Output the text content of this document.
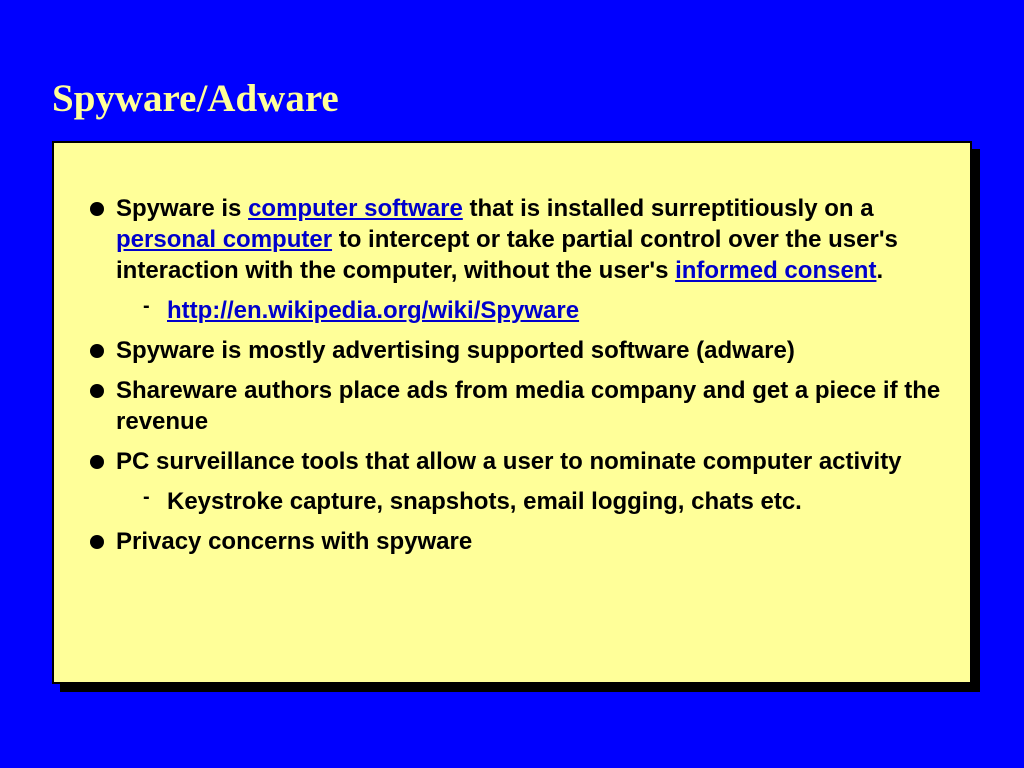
Spyware/Adware
Spyware is computer software that is installed surreptitiously on a personal computer to intercept or take partial control over the user's interaction with the computer, without the user's informed consent.
- http://en.wikipedia.org/wiki/Spyware
Spyware is mostly advertising supported software (adware)
Shareware authors place ads from media company and get a piece if the revenue
PC surveillance tools that allow a user to nominate computer activity
- Keystroke capture, snapshots, email logging, chats etc.
Privacy concerns with spyware
